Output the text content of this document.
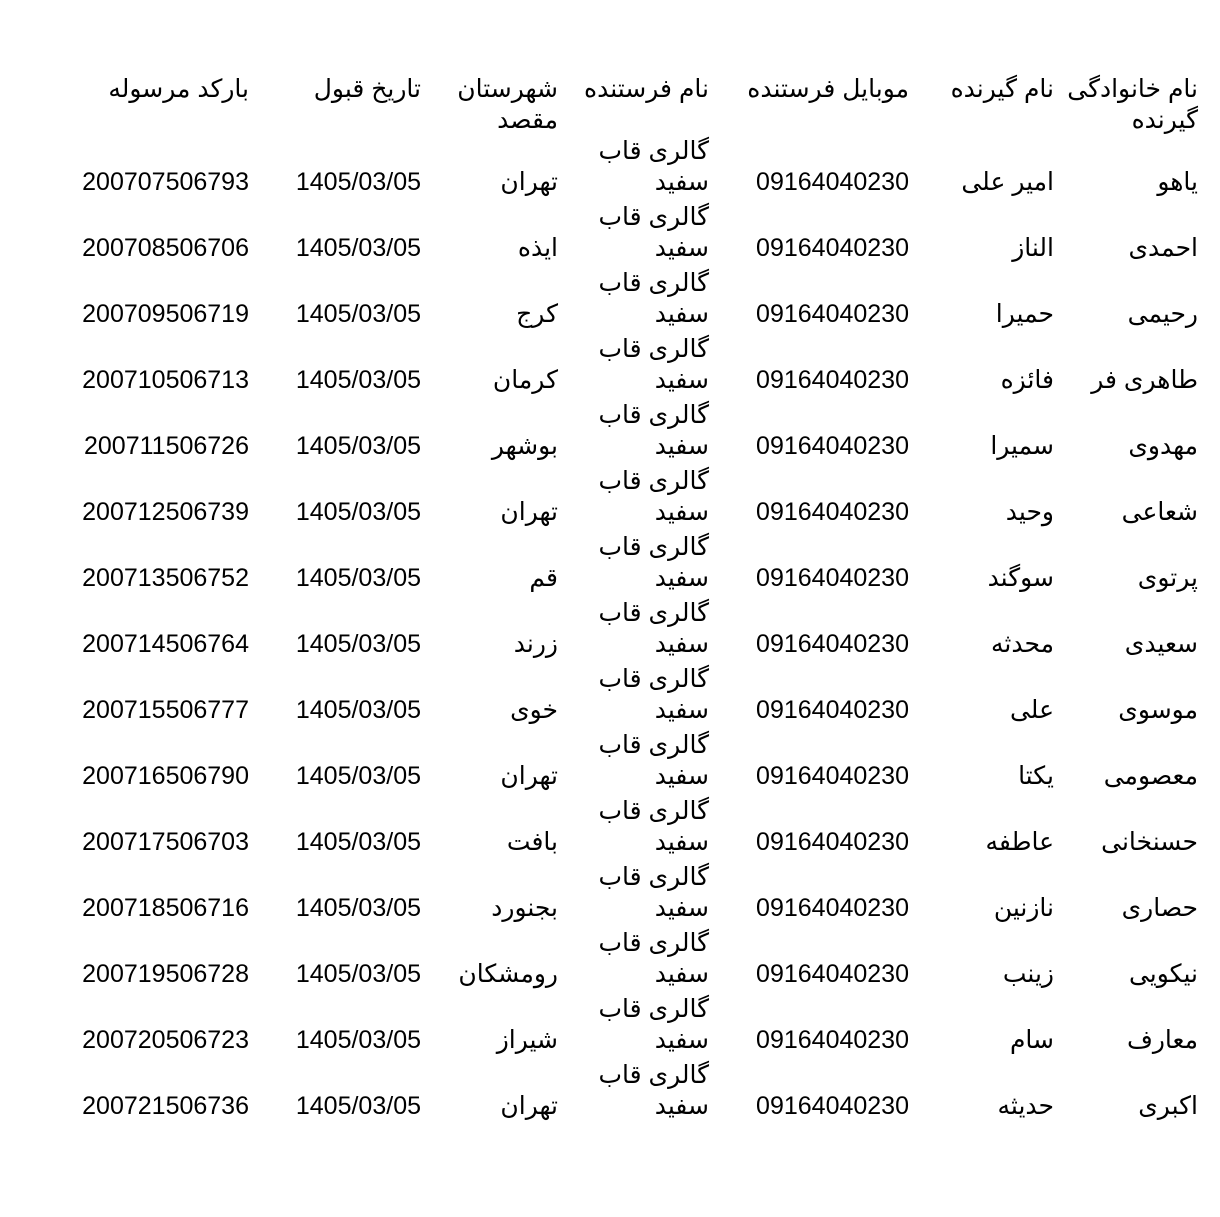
نام خانوادگی
گیرنده
نام گیرنده
موبایل فرستنده
نام فرستنده
شهرستان
مقصد
تاریخ قبول
بارکد مرسوله
یاهو
امیر علی
09164040230
گالری قاب
سفید
تهران
1405/03/05
200707506793
احمدی
الناز
09164040230
گالری قاب
سفید
ایذه
1405/03/05
200708506706
رحیمی
حمیرا
09164040230
گالری قاب
سفید
کرج
1405/03/05
200709506719
طاهری فر
فائزه
09164040230
گالری قاب
سفید
کرمان
1405/03/05
200710506713
مهدوی
سمیرا
09164040230
گالری قاب
سفید
بوشهر
1405/03/05
200711506726
شعاعی
وحید
09164040230
گالری قاب
سفید
تهران
1405/03/05
200712506739
پرتوی
سوگند
09164040230
گالری قاب
سفید
قم
1405/03/05
200713506752
سعیدی
محدثه
09164040230
گالری قاب
سفید
زرند
1405/03/05
200714506764
موسوی
علی
09164040230
گالری قاب
سفید
خوی
1405/03/05
200715506777
معصومی
یکتا
09164040230
گالری قاب
سفید
تهران
1405/03/05
200716506790
حسنخانی
عاطفه
09164040230
گالری قاب
سفید
بافت
1405/03/05
200717506703
حصاری
نازنین
09164040230
گالری قاب
سفید
بجنورد
1405/03/05
200718506716
نیکویی
زینب
09164040230
گالری قاب
سفید
رومشکان
1405/03/05
200719506728
معارف
سام
09164040230
گالری قاب
سفید
شیراز
1405/03/05
200720506723
اکبری
حدیثه
09164040230
گالری قاب
سفید
تهران
1405/03/05
200721506736
